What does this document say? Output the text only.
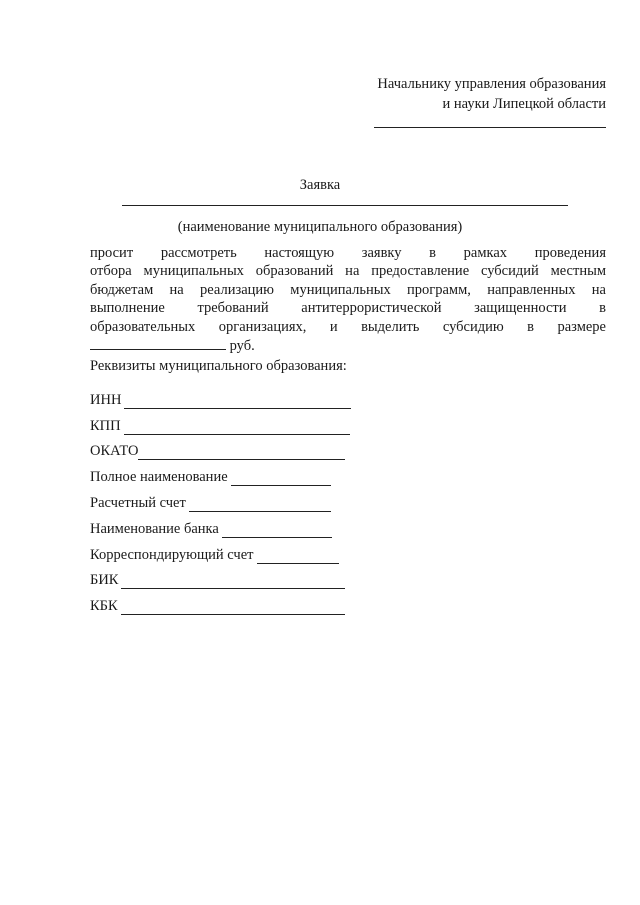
Начальнику управления образования
и науки Липецкой области
Заявка
(наименование муниципального образования)
просит рассмотреть настоящую заявку в рамках проведения
отбора муниципальных образований на предоставление субсидий местным
бюджетам на реализацию муниципальных программ, направленных на
выполнение требований антитеррористической защищенности в
образовательных организациях, и выделить субсидию в размере
руб.
Реквизиты муниципального образования:
ИНН
КПП
ОКАТО
Полное наименование
Расчетный счет
Наименование банка
Корреспондирующий счет
БИК
КБК
